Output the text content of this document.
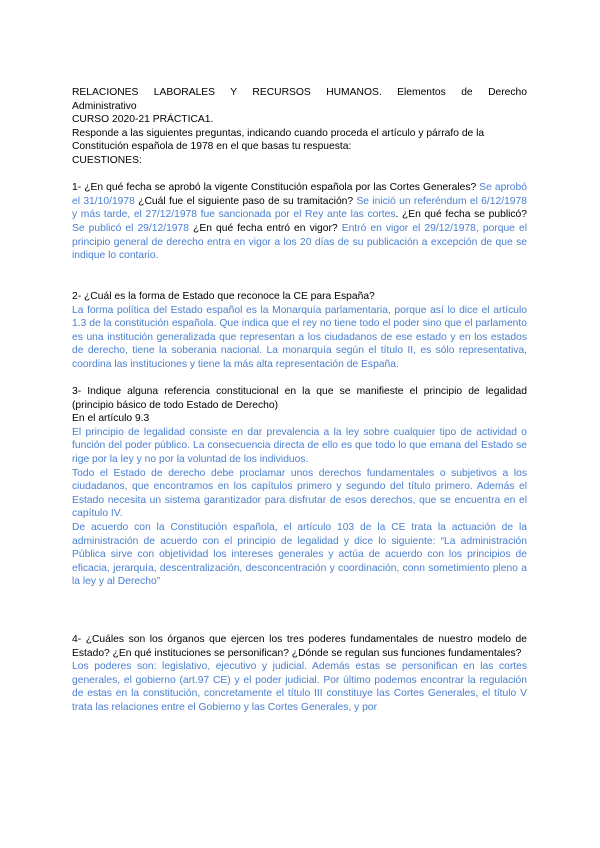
RELACIONES LABORALES Y RECURSOS HUMANOS. Elementos de Derecho

Administrativo

CURSO 2020-21 PRÁCTICA1.

Responde a las siguientes preguntas, indicando cuando proceda el artículo y párrafo de la Constitución española de 1978 en el que basas tu respuesta:

CUESTIONES:

1- ¿En qué fecha se aprobó la vigente Constitución española por las Cortes Generales? Se aprobó el 31/10/1978 ¿Cuál fue el siguiente paso de su tramitación? Se inició un referéndum el 6/12/1978 y más tarde, el 27/12/1978 fue sancionada por el Rey ante las cortes. ¿En qué fecha se publicó? Se publicó el 29/12/1978 ¿En qué fecha entró en vigor? Entró en vigor el 29/12/1978, porque el principio general de derecho entra en vigor a los 20 días de su publicación a excepción de que se indique lo contario.

2- ¿Cuál es la forma de Estado que reconoce la CE para España?

La forma política del Estado español es la Monarquía parlamentaria, porque así lo dice el artículo 1.3 de la constitución española. Que indica que el rey no tiene todo el poder sino que el parlamento es una institución generalizada que representan a los ciudadanos de ese estado y en los estados de derecho, tiene la soberania nacional. La monarquía según el título II, es sólo representativa, coordina las instituciones y tiene la más alta representación de España.

3- Indique alguna referencia constitucional en la que se manifieste el principio de legalidad (principio básico de todo Estado de Derecho)

En el artículo 9.3

El principio de legalidad consiste en dar prevalencia a la ley sobre cualquier tipo de actividad o función del poder público. La consecuencia directa de ello es que todo lo que emana del Estado se rige por la ley y no por la voluntad de los individuos.

Todo el Estado de derecho debe proclamar unos derechos fundamentales o subjetivos a los ciudadanos, que encontramos en los capítulos primero y segundo del título primero. Además el Estado necesita un sistema garantizador para disfrutar de esos derechos, que se encuentra en el capítulo IV.

De acuerdo con la Constitución española, el artículo 103 de la CE trata la actuación de la administración de acuerdo con el principio de legalidad y dice lo siguiente: “La administración Pública sirve con objetividad los intereses generales y actúa de acuerdo con los principios de eficacia, jerarquía, descentralización, desconcentración y coordinación, conn sometimiento pleno a la ley y al Derecho”

4- ¿Cuáles son los órganos que ejercen los tres poderes fundamentales de nuestro modelo de Estado? ¿En qué instituciones se personifican? ¿Dónde se regulan sus funciones fundamentales?

Los poderes son: legislativo, ejecutivo y judicial. Además estas se personifican en las cortes generales, el gobierno (art.97 CE) y el poder judicial. Por último podemos encontrar la regulación de estas en la constitución, concretamente el título III constituye las Cortes Generales, el título V trata las relaciones entre el Gobierno y las Cortes Generales, y por
